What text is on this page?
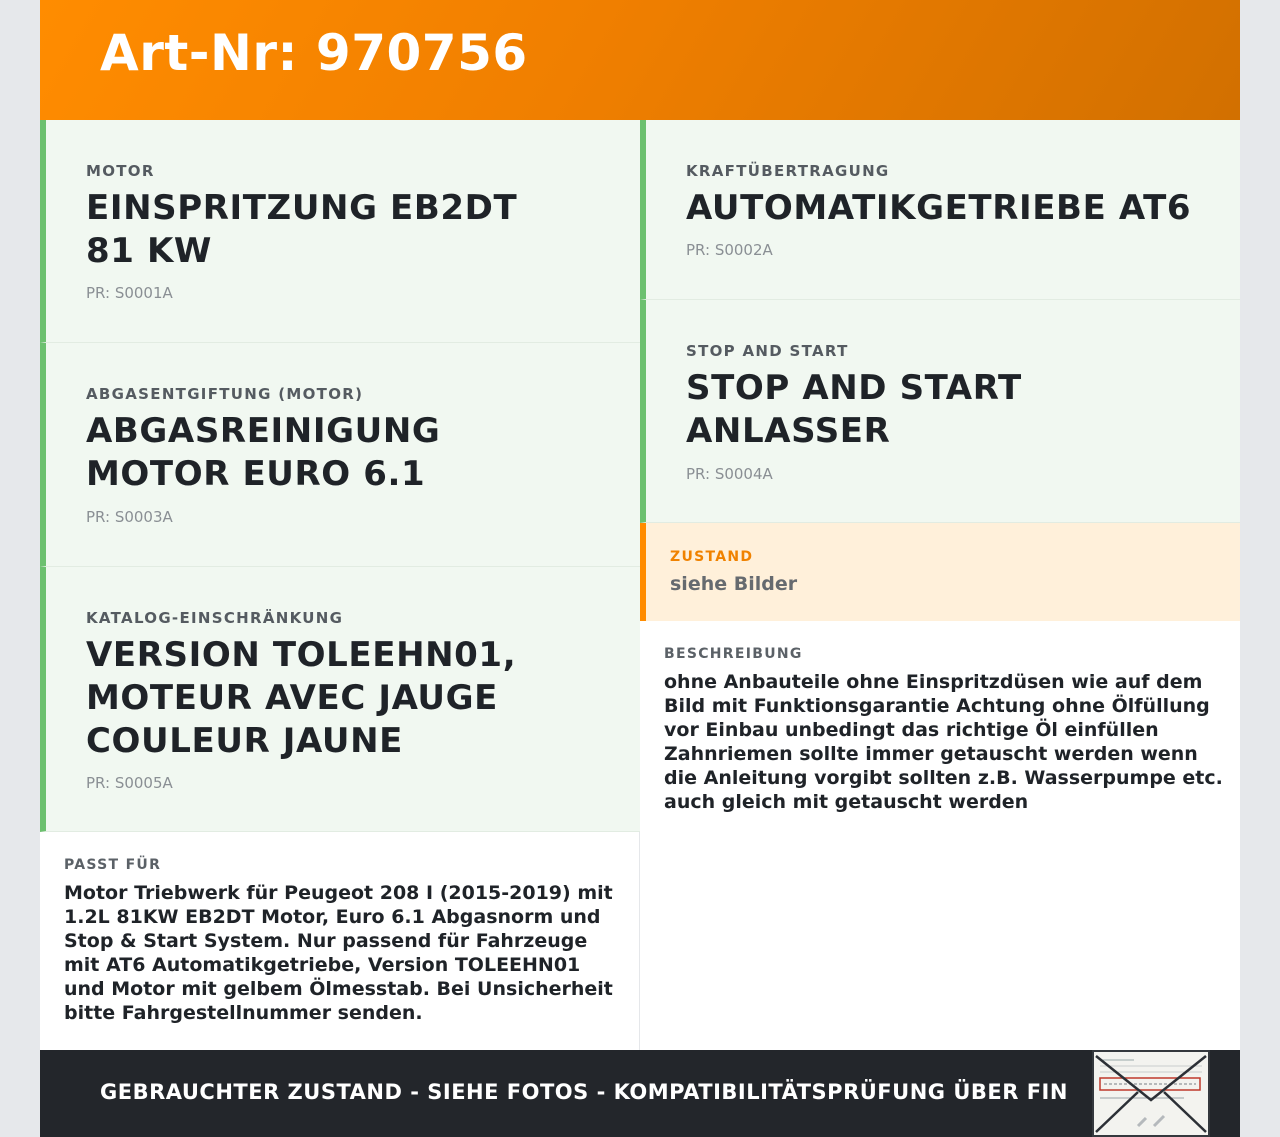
Art-Nr: 970756
MOTOR
EINSPRITZUNG EB2DT 81 KW
PR: S0001A
ABGASENTGIFTUNG (MOTOR)
ABGASREINIGUNG MOTOR EURO 6.1
PR: S0003A
KATALOG-EINSCHRÄNKUNG
VERSION TOLEEHN01, MOTEUR AVEC JAUGE COULEUR JAUNE
PR: S0005A
PASST FÜR
Motor Triebwerk für Peugeot 208 I (2015-2019) mit 1.2L 81KW EB2DT Motor, Euro 6.1 Abgasnorm und Stop & Start System. Nur passend für Fahrzeuge mit AT6 Automatikgetriebe, Version TOLEEHN01 und Motor mit gelbem Ölmesstab. Bei Unsicherheit bitte Fahrgestellnummer senden.
KRAFTÜBERTRAGUNG
AUTOMATIKGETRIEBE AT6
PR: S0002A
STOP AND START
STOP AND START ANLASSER
PR: S0004A
ZUSTAND
siehe Bilder
BESCHREIBUNG
ohne Anbauteile ohne Einspritzdüsen wie auf dem Bild mit Funktionsgarantie Achtung ohne Ölfüllung vor Einbau unbedingt das richtige Öl einfüllen Zahnriemen sollte immer getauscht werden wenn die Anleitung vorgibt sollten z.B. Wasserpumpe etc. auch gleich mit getauscht werden
GEBRAUCHTER ZUSTAND - SIEHE FOTOS - KOMPATIBILITÄTSPRÜFUNG ÜBER FIN
